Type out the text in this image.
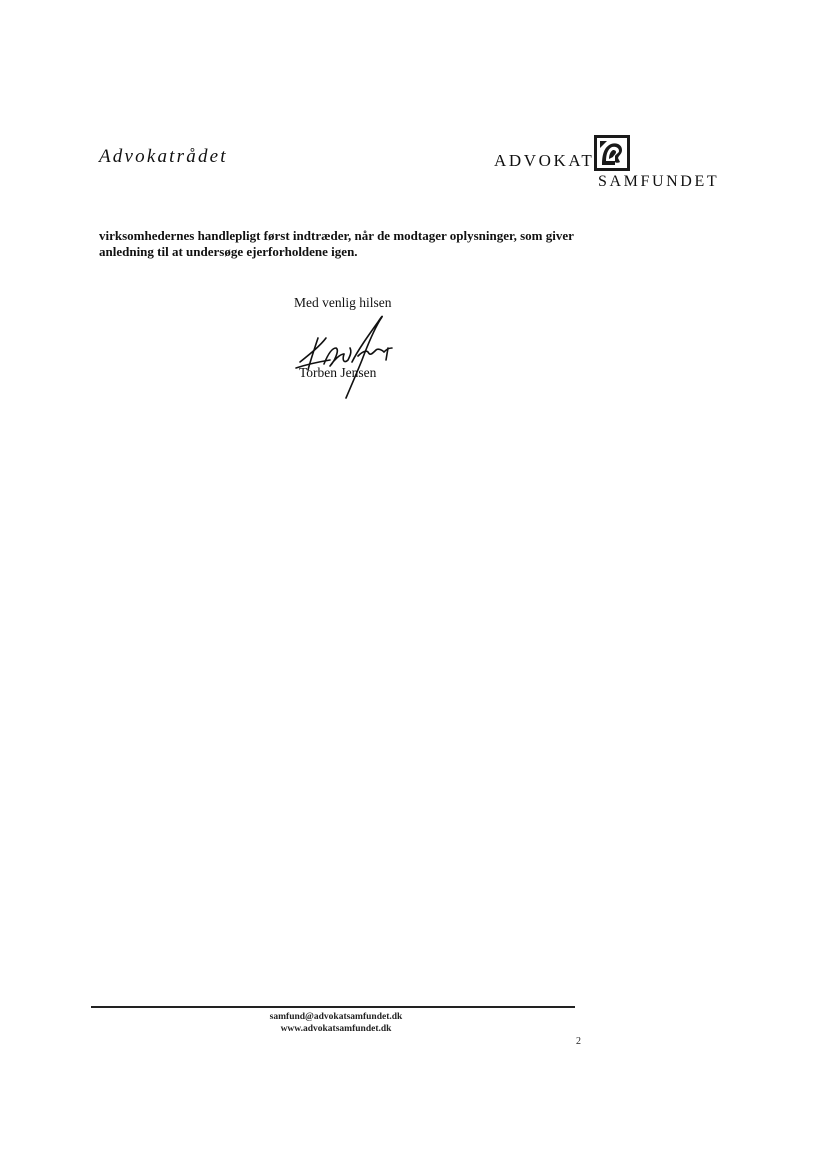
Advokatrådet	ADVOKAT
SAMFUNDET

virksomhedernes handlepligt først indtræder, når de modtager oplysninger, som giver

anledning til at undersøge ejerforholdene igen.

Med venlig hilsen
Torben Jensen
samfund@advokatsamfundet.dk
www.advokatsamfundet.dk
2
